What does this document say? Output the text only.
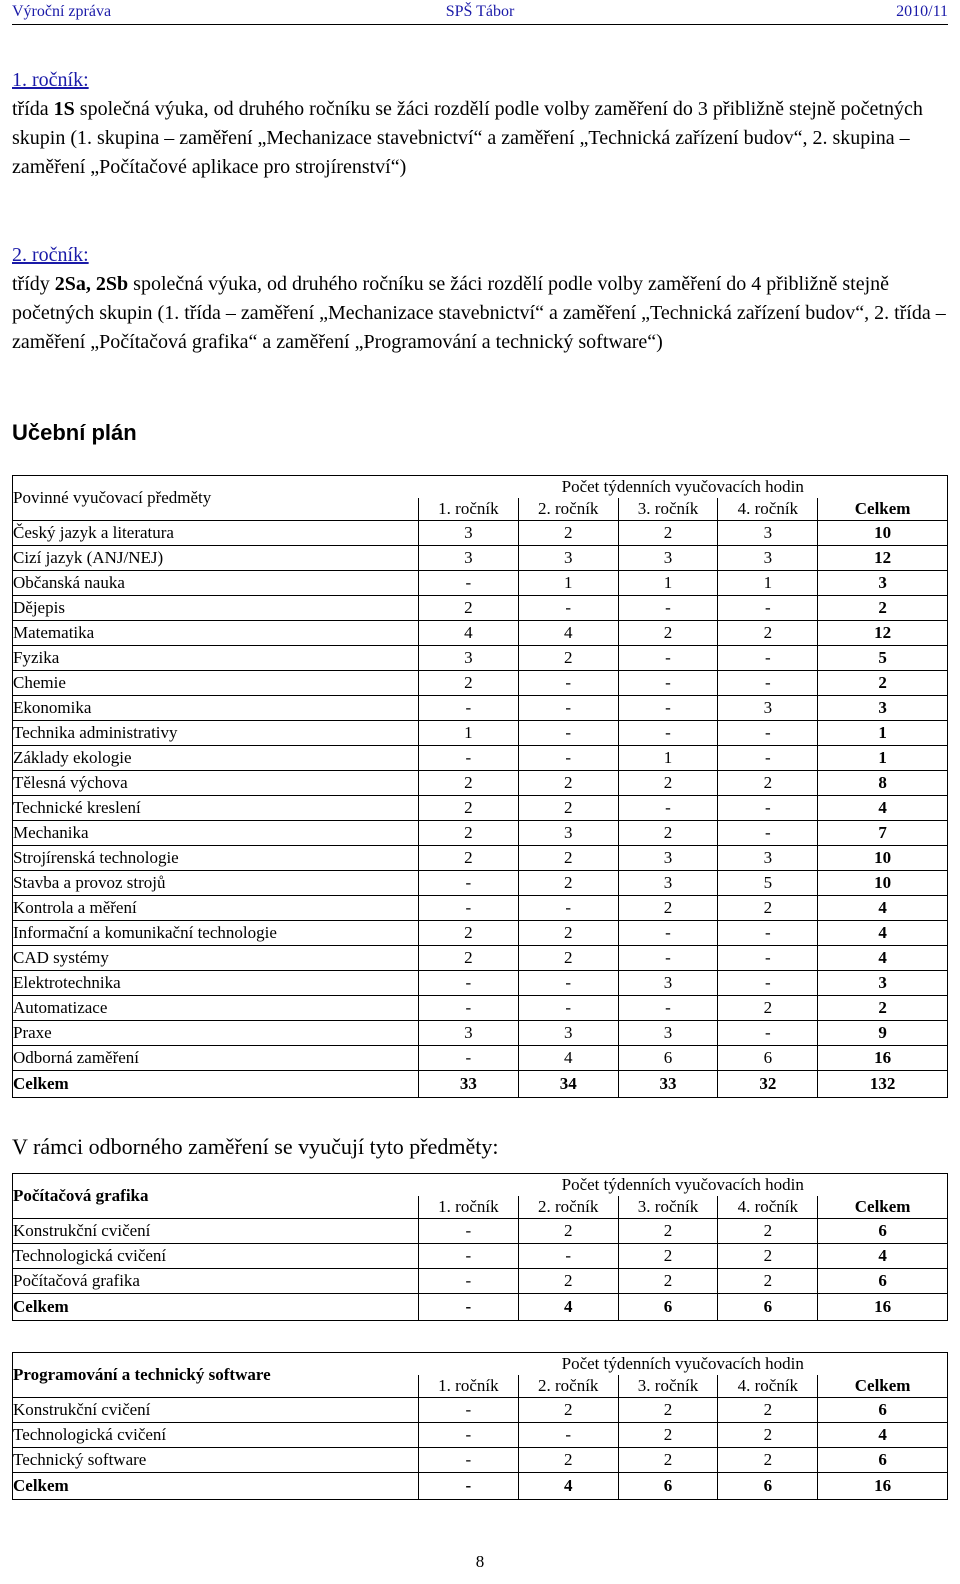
Výroční zpráva	SPŠ Tábor	2010/11
1. ročník:
třída 1S společná výuka, od druhého ročníku se žáci rozdělí podle volby zaměření do 3 přibližně stejně početných skupin (1. skupina – zaměření „Mechanizace stavebnictví“ a zaměření „Technická zařízení budov“, 2. skupina – zaměření „Počítačové aplikace pro strojírenství“)
2. ročník:
třídy 2Sa, 2Sb společná výuka, od druhého ročníku se žáci rozdělí podle volby zaměření do 4 přibližně stejně početných skupin (1. třída – zaměření „Mechanizace stavebnictví“ a zaměření „Technická zařízení budov“, 2. třída – zaměření „Počítačová grafika“ a zaměření „Programování a technický software“)
Učební plán
Povinné vyučovací předměty	Počet týdenních vyučovacích hodin				
	1. ročník	2. ročník	3. ročník	4. ročník	Celkem
Český jazyk a literatura	3	2	2	3	10
Cizí jazyk (ANJ/NEJ)	3	3	3	3	12
Občanská nauka	-	1	1	1	3
Dějepis	2	-	-	-	2
Matematika	4	4	2	2	12
Fyzika	3	2	-	-	5
Chemie	2	-	-	-	2
Ekonomika	-	-	-	3	3
Technika administrativy	1	-	-	-	1
Základy ekologie	-	-	1	-	1
Tělesná výchova	2	2	2	2	8
Technické kreslení	2	2	-	-	4
Mechanika	2	3	2	-	7
Strojírenská technologie	2	2	3	3	10
Stavba a provoz strojů	-	2	3	5	10
Kontrola a měření	-	-	2	2	4
Informační a komunikační technologie	2	2	-	-	4
CAD systémy	2	2	-	-	4
Elektrotechnika	-	-	3	-	3
Automatizace	-	-	-	2	2
Praxe	3	3	3	-	9
Odborná zaměření	-	4	6	6	16
Celkem	33	34	33	32	132
V rámci odborného zaměření se vyučují tyto předměty:
Počítačová grafika	Počet týdenních vyučovacích hodin				
	1. ročník	2. ročník	3. ročník	4. ročník	Celkem
Konstrukční cvičení	-	2	2	2	6
Technologická cvičení	-	-	2	2	4
Počítačová grafika	-	2	2	2	6
Celkem	-	4	6	6	16
Programování a technický software	Počet týdenních vyučovacích hodin				
	1. ročník	2. ročník	3. ročník	4. ročník	Celkem
Konstrukční cvičení	-	2	2	2	6
Technologická cvičení	-	-	2	2	4
Technický software	-	2	2	2	6
Celkem	-	4	6	6	16
8
